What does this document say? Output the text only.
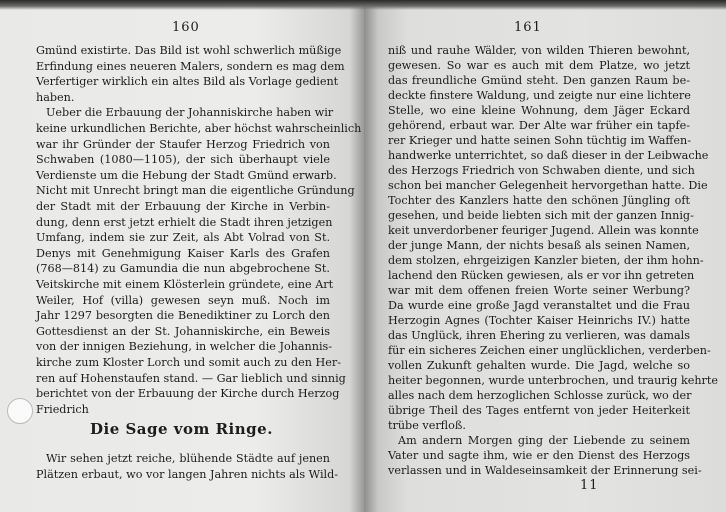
160
Die Sage vom Ringe.
Gmünd existirte. Das Bild ist wohl schwerlich müßige
Erfindung eines neueren Malers, sondern es mag dem
Verfertiger wirklich ein altes Bild als Vorlage gedient
haben.
Ueber die Erbauung der Johanniskirche haben wir
keine urkundlichen Berichte, aber höchst wahrscheinlich
war ihr Gründer der Staufer Herzog Friedrich von
Schwaben (1080—1105), der sich überhaupt viele
Verdienste um die Hebung der Stadt Gmünd erwarb.
Nicht mit Unrecht bringt man die eigentliche Gründung
der Stadt mit der Erbauung der Kirche in Verbin-
dung, denn erst jetzt erhielt die Stadt ihren jetzigen
Umfang, indem sie zur Zeit, als Abt Volrad von St.
Denys mit Genehmigung Kaiser Karls des Grafen
(768—814) zu Gamundia die nun abgebrochene St.
Veitskirche mit einem Klösterlein gründete, eine Art
Weiler, Hof (villa) gewesen seyn muß. Noch im
Jahr 1297 besorgten die Benediktiner zu Lorch den
Gottesdienst an der St. Johanniskirche, ein Beweis
von der innigen Beziehung, in welcher die Johannis-
kirche zum Kloster Lorch und somit auch zu den Her-
ren auf Hohenstaufen stand. — Gar lieblich und sinnig
berichtet von der Erbauung der Kirche durch Herzog
Friedrich
Wir sehen jetzt reiche, blühende Städte auf jenen
Plätzen erbaut, wo vor langen Jahren nichts als Wild-
161
niß und rauhe Wälder, von wilden Thieren bewohnt,
gewesen. So war es auch mit dem Platze, wo jetzt
das freundliche Gmünd steht. Den ganzen Raum be-
deckte finstere Waldung, und zeigte nur eine lichtere
Stelle, wo eine kleine Wohnung, dem Jäger Eckard
gehörend, erbaut war. Der Alte war früher ein tapfe-
rer Krieger und hatte seinen Sohn tüchtig im Waffen-
handwerke unterrichtet, so daß dieser in der Leibwache
des Herzogs Friedrich von Schwaben diente, und sich
schon bei mancher Gelegenheit hervorgethan hatte. Die
Tochter des Kanzlers hatte den schönen Jüngling oft
gesehen, und beide liebten sich mit der ganzen Innig-
keit unverdorbener feuriger Jugend. Allein was konnte
der junge Mann, der nichts besaß als seinen Namen,
dem stolzen, ehrgeizigen Kanzler bieten, der ihm hohn-
lachend den Rücken gewiesen, als er vor ihn getreten
war mit dem offenen freien Worte seiner Werbung?
Da wurde eine große Jagd veranstaltet und die Frau
Herzogin Agnes (Tochter Kaiser Heinrichs IV.) hatte
das Unglück, ihren Ehering zu verlieren, was damals
für ein sicheres Zeichen einer unglücklichen, verderben-
vollen Zukunft gehalten wurde. Die Jagd, welche so
heiter begonnen, wurde unterbrochen, und traurig kehrte
alles nach dem herzoglichen Schlosse zurück, wo der
übrige Theil des Tages entfernt von jeder Heiterkeit
trübe verfloß.
Am andern Morgen ging der Liebende zu seinem
Vater und sagte ihm, wie er den Dienst des Herzogs
verlassen und in Waldeseinsamkeit der Erinnerung sei-
11
